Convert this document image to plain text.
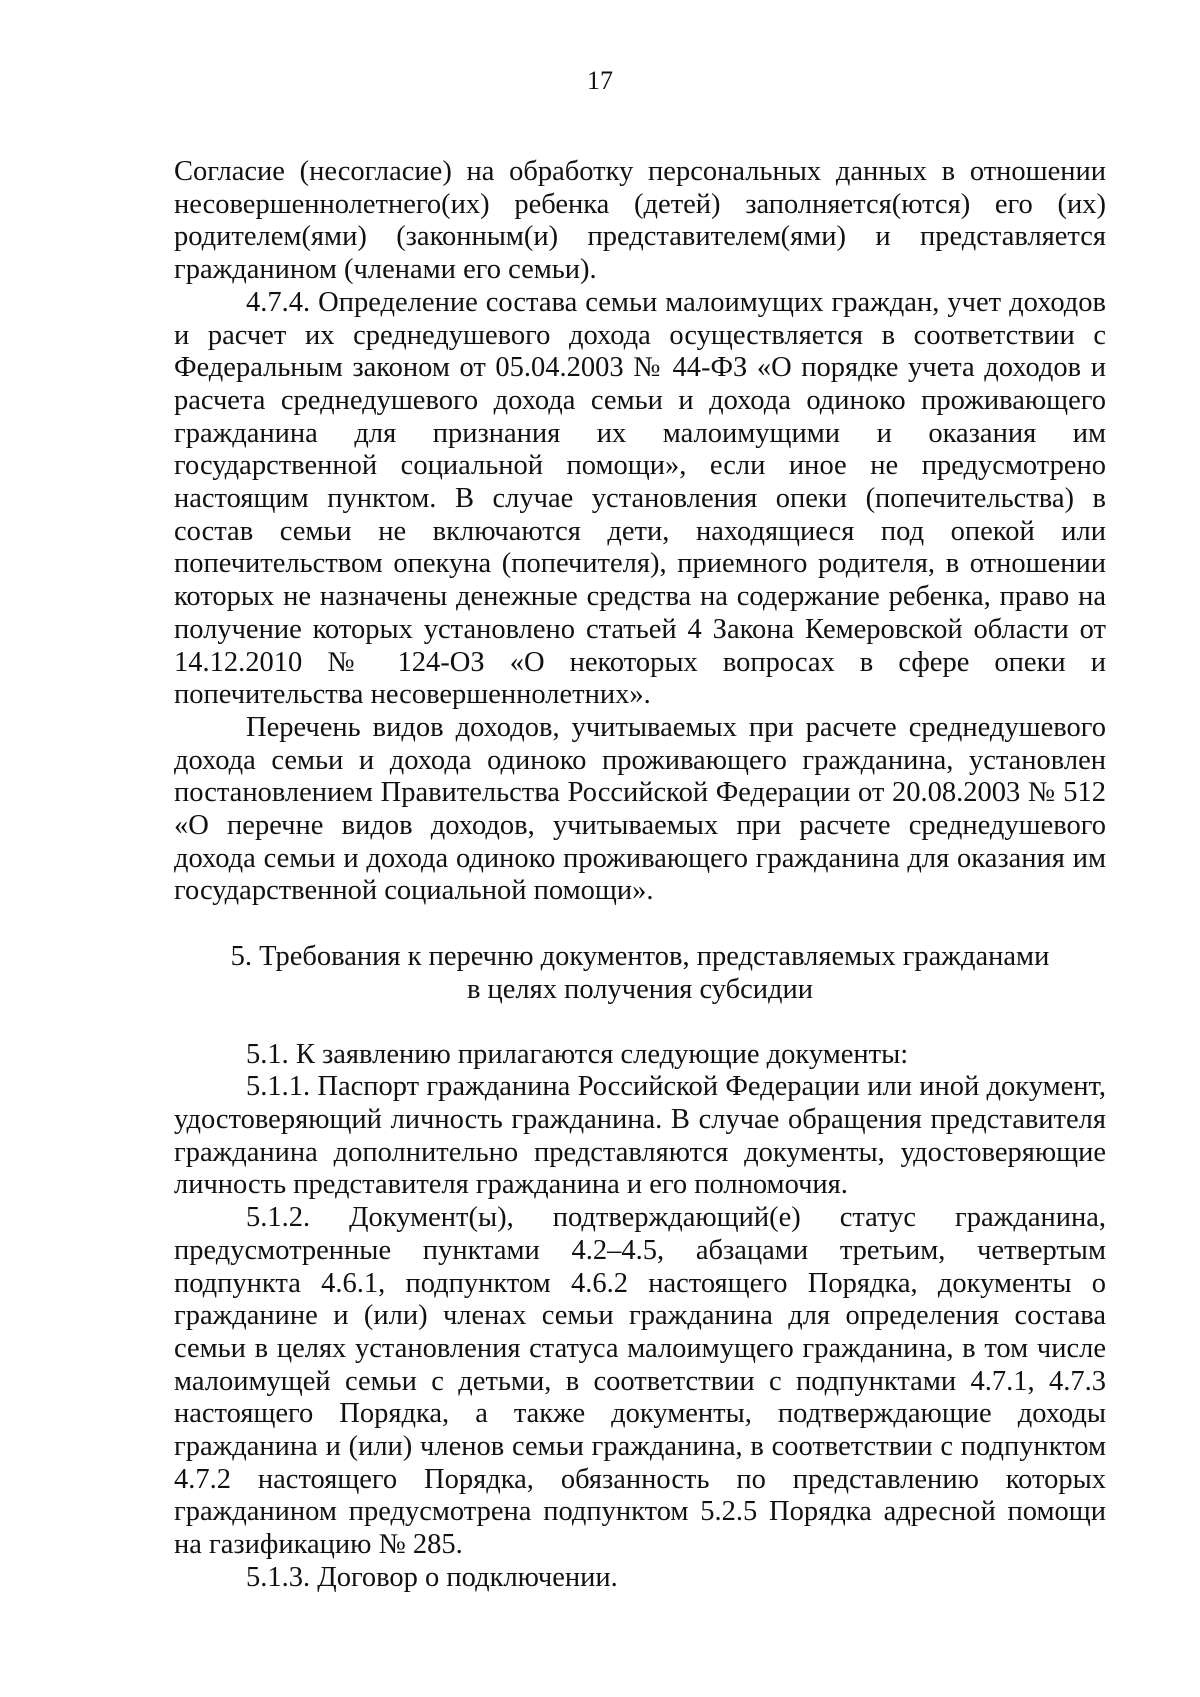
17

Согласие (несогласие) на обработку персональных данных в отношении несовершеннолетнего(их) ребенка (детей) заполняется(ются) его (их) родителем(ями) (законным(и) представителем(ями) и представляется гражданином (членами его семьи).

4.7.4. Определение состава семьи малоимущих граждан, учет доходов и расчет их среднедушевого дохода осуществляется в соответствии с Федеральным законом от 05.04.2003 № 44-ФЗ «О порядке учета доходов и расчета среднедушевого дохода семьи и дохода одиноко проживающего гражданина для признания их малоимущими и оказания им государственной социальной помощи», если иное не предусмотрено настоящим пунктом. В случае установления опеки (попечительства) в состав семьи не включаются дети, находящиеся под опекой или попечительством опекуна (попечителя), приемного родителя, в отношении которых не назначены денежные средства на содержание ребенка, право на получение которых установлено статьей 4 Закона Кемеровской области от 14.12.2010 № 124-ОЗ «О некоторых вопросах в сфере опеки и попечительства несовершеннолетних».

Перечень видов доходов, учитываемых при расчете среднедушевого дохода семьи и дохода одиноко проживающего гражданина, установлен постановлением Правительства Российской Федерации от 20.08.2003 № 512 «О перечне видов доходов, учитываемых при расчете среднедушевого дохода семьи и дохода одиноко проживающего гражданина для оказания им государственной социальной помощи».

5. Требования к перечню документов, представляемых гражданами
в целях получения субсидии

5.1. К заявлению прилагаются следующие документы:

5.1.1. Паспорт гражданина Российской Федерации или иной документ, удостоверяющий личность гражданина. В случае обращения представителя гражданина дополнительно представляются документы, удостоверяющие личность представителя гражданина и его полномочия.

5.1.2. Документ(ы), подтверждающий(е) статус гражданина, предусмотренные пунктами 4.2–4.5, абзацами третьим, четвертым подпункта 4.6.1, подпунктом 4.6.2 настоящего Порядка, документы о гражданине и (или) членах семьи гражданина для определения состава семьи в целях установления статуса малоимущего гражданина, в том числе малоимущей семьи с детьми, в соответствии с подпунктами 4.7.1, 4.7.3 настоящего Порядка, а также документы, подтверждающие доходы гражданина и (или) членов семьи гражданина, в соответствии с подпунктом 4.7.2 настоящего Порядка, обязанность по представлению которых гражданином предусмотрена подпунктом 5.2.5 Порядка адресной помощи на газификацию № 285.

5.1.3. Договор о подключении.
